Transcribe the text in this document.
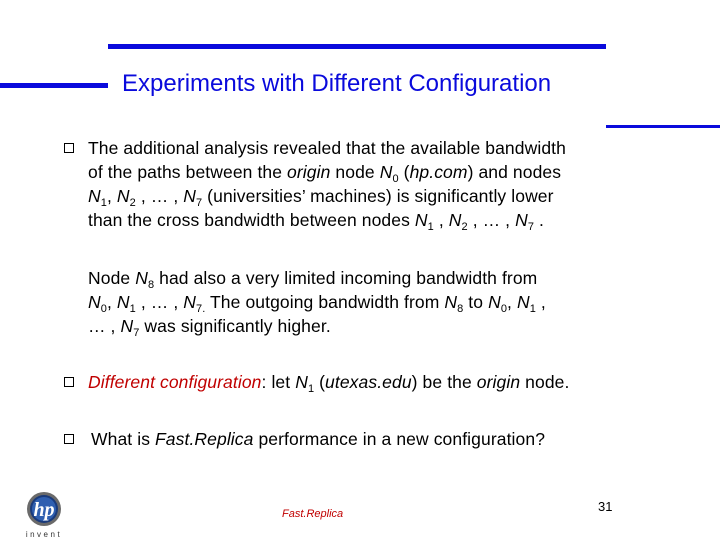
Experiments with Different Configuration
The additional analysis revealed that the available bandwidth
of the paths between the origin node $N_0$ (hp.com) and nodes
$N_1$, $N_2$ , … , $N_7$ (universities’ machines) is significantly lower
than the cross bandwidth between nodes $N_1$ , $N_2$ , … , $N_7$ .
Node $N_8$ had also a very limited incoming bandwidth from
$N_0$, $N_1$ , … , $N_{7.}$ The outgoing bandwidth from $N_8$ to $N_0$, $N_1$ ,
… , $N_7$ was significantly higher.
Different configuration: let $N_1$ (utexas.edu) be the origin node.
What is Fast.Replica performance in a new configuration?
hp
invent
Fast.Replica	31
